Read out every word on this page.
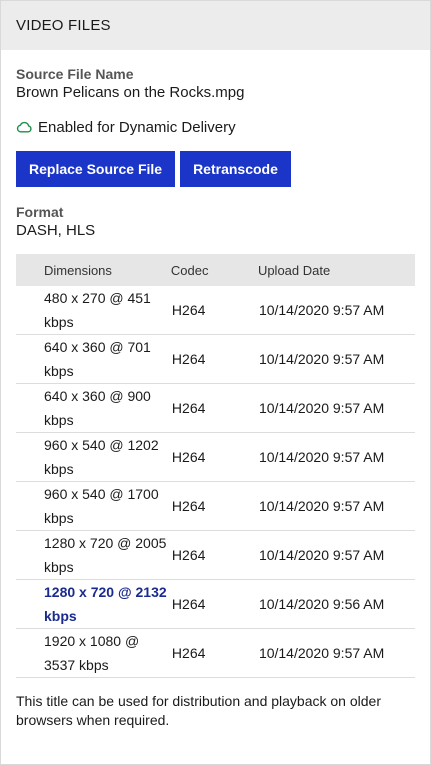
VIDEO FILES
Source File Name
Brown Pelicans on the Rocks.mpg
Enabled for Dynamic Delivery
Replace Source File	Retranscode
Format
DASH, HLS
Dimensions	Codec	Upload Date
480 x 270 @ 451 kbps	H264	10/14/2020 9:57 AM
640 x 360 @ 701 kbps	H264	10/14/2020 9:57 AM
640 x 360 @ 900 kbps	H264	10/14/2020 9:57 AM
960 x 540 @ 1202 kbps	H264	10/14/2020 9:57 AM
960 x 540 @ 1700 kbps	H264	10/14/2020 9:57 AM
1280 x 720 @ 2005 kbps	H264	10/14/2020 9:57 AM
1280 x 720 @ 2132 kbps	H264	10/14/2020 9:56 AM
1920 x 1080 @ 3537 kbps	H264	10/14/2020 9:57 AM
This title can be used for distribution and playback on older browsers when required.
